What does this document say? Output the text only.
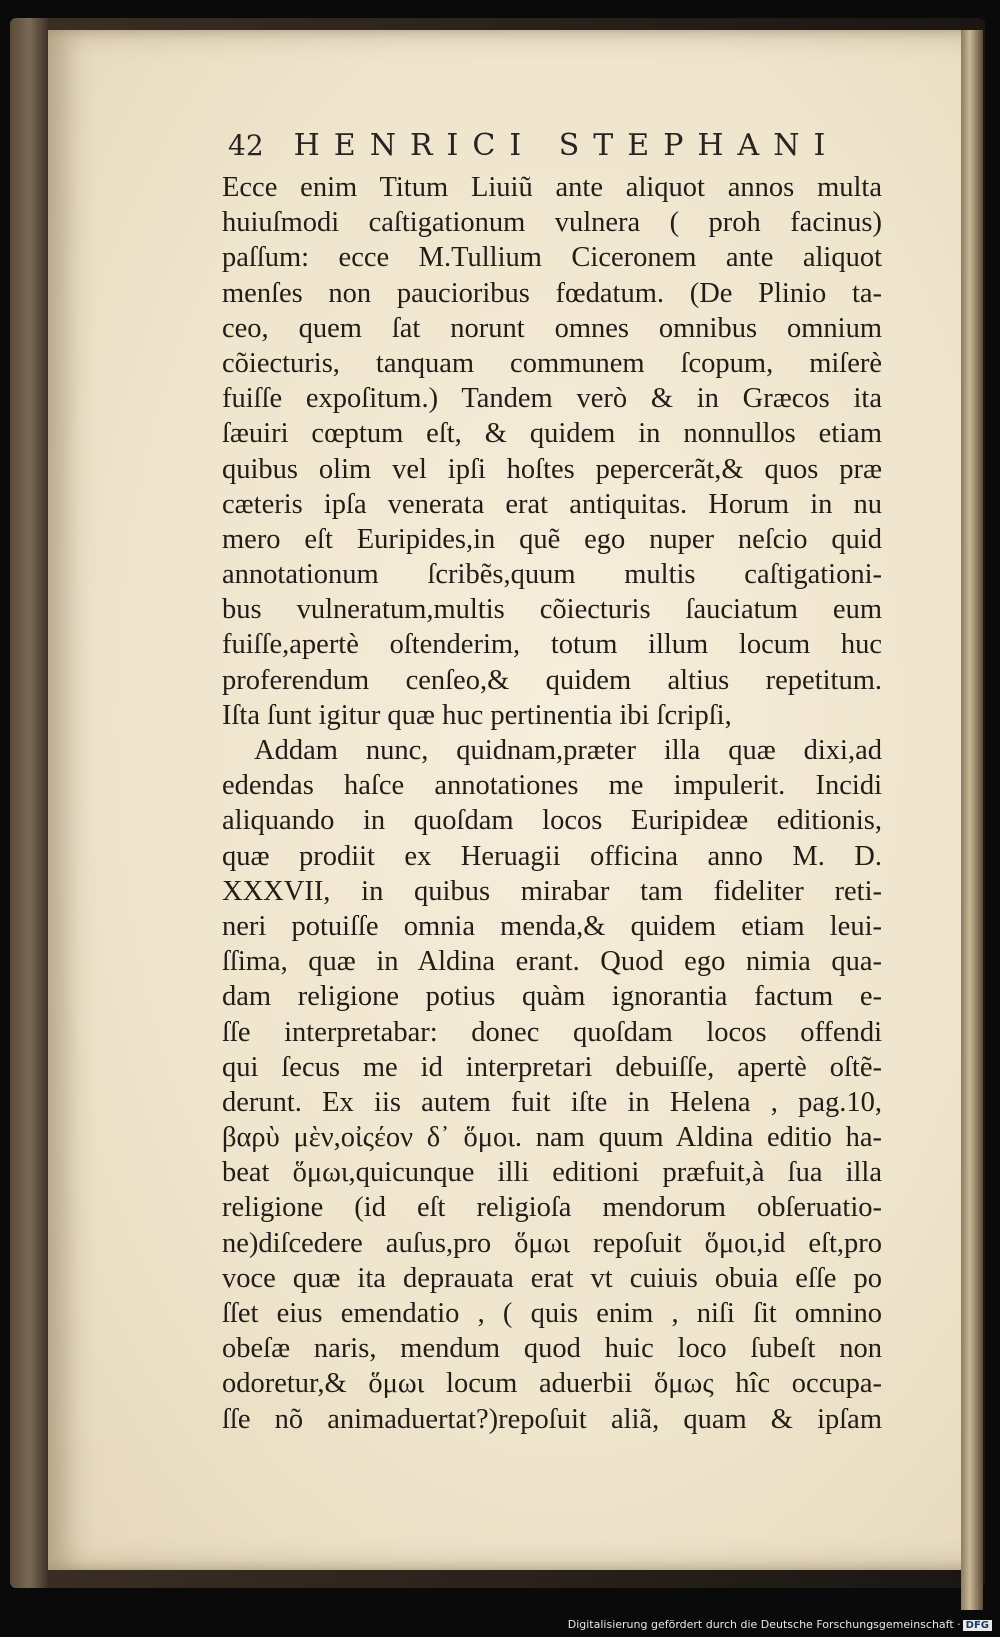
42 HENRICI STEPHANI
Ecce enim Titum Liuiũ ante aliquot annos multa
huiuſmodi caſtigationum vulnera ( proh facinus)
paſſum: ecce M.Tullium Ciceronem ante aliquot
menſes non paucioribus fœdatum. (De Plinio ta-
ceo, quem ſat norunt omnes omnibus omnium
cõiecturis, tanquam communem ſcopum, miſerè
fuiſſe expoſitum.) Tandem verò & in Græcos ita
ſæuiri cœptum eſt, & quidem in nonnullos etiam
quibus olim vel ipſi hoſtes pepercerãt,& quos præ
cæteris ipſa venerata erat antiquitas. Horum in nu
mero eſt Euripides,in quẽ ego nuper neſcio quid
annotationum ſcribẽs,quum multis caſtigationi-
bus vulneratum,multis cõiecturis ſauciatum eum
fuiſſe,apertè oſtenderim, totum illum locum huc
proferendum cenſeo,& quidem altius repetitum.
Iſta ſunt igitur quæ huc pertinentia ibi ſcripſi,
Addam nunc, quidnam,præter illa quæ dixi,ad
edendas haſce annotationes me impulerit. Incidi
aliquando in quoſdam locos Euripideæ editionis,
quæ prodiit ex Heruagii officina anno M. D.
XXXVII, in quibus mirabar tam fideliter reti-
neri potuiſſe omnia menda,& quidem etiam leui-
ſſima, quæ in Aldina erant. Quod ego nimia qua-
dam religione potius quàm ignorantia factum e-
ſſe interpretabar: donec quoſdam locos offendi
qui ſecus me id interpretari debuiſſe, apertè oſtẽ-
derunt. Ex iis autem fuit iſte in Helena , pag.10,
βαρὺ μὲν,οἰςέον δ᾽ ὅμοι. nam quum Aldina editio ha-
beat ὅμωι,quicunque illi editioni præfuit,à ſua illa
religione (id eſt religioſa mendorum obſeruatio-
ne)diſcedere auſus,pro ὅμωι repoſuit ὅμοι,id eſt,pro
voce quæ ita deprauata erat vt cuiuis obuia eſſe po
ſſet eius emendatio , ( quis enim , niſi ſit omnino
obeſæ naris, mendum quod huic loco ſubeſt non
odoretur,& ὅμωι locum aduerbii ὅμως hîc occupa-
ſſe nõ animaduertat?)repoſuit aliã, quam & ipſam
Digitalisierung gefördert durch die Deutsche Forschungsgemeinschaft · DFG
